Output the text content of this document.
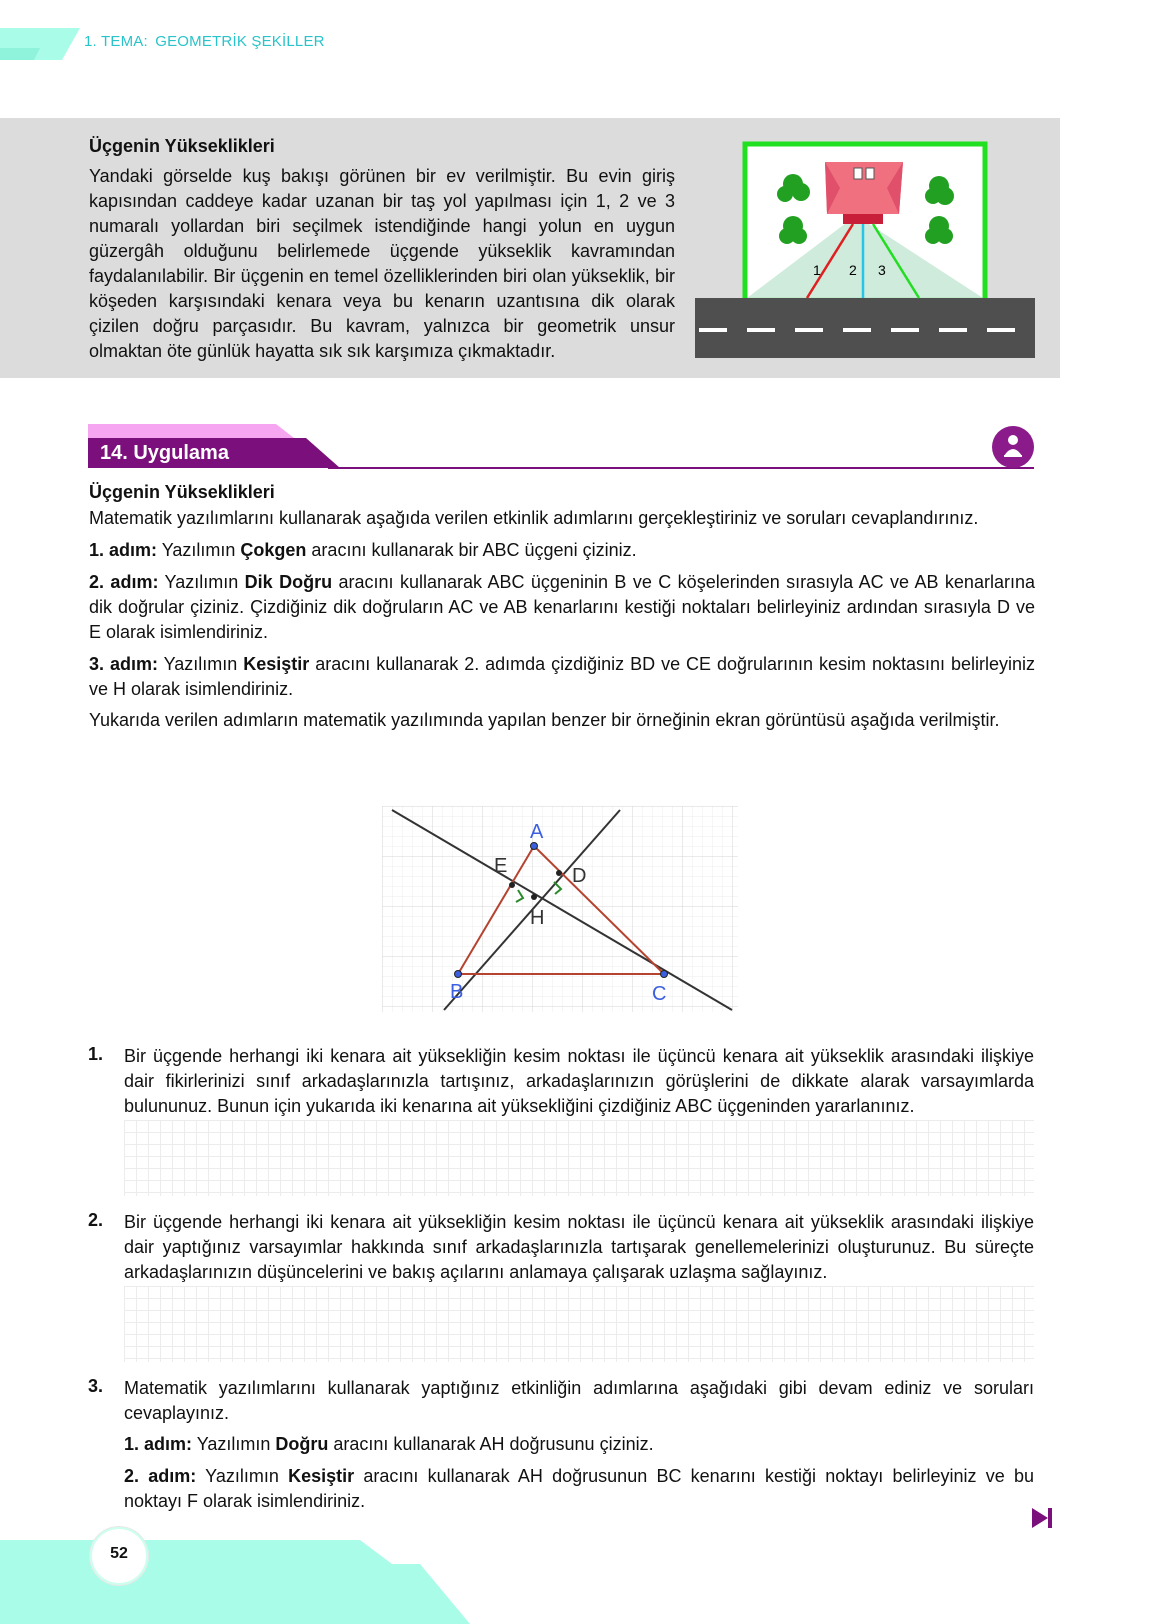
1. TEMA: GEOMETRİK ŞEKİLLER
Üçgenin Yükseklikleri
Yandaki görselde kuş bakışı görünen bir ev verilmiştir. Bu evin giriş kapısından caddeye kadar uzanan bir taş yol yapılması için 1, 2 ve 3 numaralı yollardan biri seçilmek istendiğinde hangi yolun en uygun güzergâh olduğunu belirlemede üçgende yükseklik kavramından faydalanılabilir. Bir üçgenin en temel özelliklerinden biri olan yükseklik, bir köşeden karşısındaki kenara veya bu kenarın uzantısına dik olarak çizilen doğru parçasıdır. Bu kavram, yalnızca bir geometrik unsur olmaktan öte günlük hayatta sık sık karşımıza çıkmaktadır.
1 2 3
14. Uygulama
Üçgenin Yükseklikleri
Matematik yazılımlarını kullanarak aşağıda verilen etkinlik adımlarını gerçekleştiriniz ve soruları cevaplandırınız.
1. adım: Yazılımın Çokgen aracını kullanarak bir ABC üçgeni çiziniz.
2. adım: Yazılımın Dik Doğru aracını kullanarak ABC üçgeninin B ve C köşelerinden sırasıyla AC ve AB kenarlarına dik doğrular çiziniz. Çizdiğiniz dik doğruların AC ve AB kenarlarını kestiği noktaları belirleyiniz ardından sırasıyla D ve E olarak isimlendiriniz.
3. adım: Yazılımın Kesiştir aracını kullanarak 2. adımda çizdiğiniz BD ve CE doğrularının kesim noktasını belirleyiniz ve H olarak isimlendiriniz.
Yukarıda verilen adımların matematik yazılımında yapılan benzer bir örneğinin ekran görüntüsü aşağıda verilmiştir.
A
B	C
D
E
H
1. Bir üçgende herhangi iki kenara ait yüksekliğin kesim noktası ile üçüncü kenara ait yükseklik arasındaki ilişkiye dair fikirlerinizi sınıf arkadaşlarınızla tartışınız, arkadaşlarınızın görüşlerini de dikkate alarak varsayımlarda bulununuz. Bunun için yukarıda iki kenarına ait yüksekliğini çizdiğiniz ABC üçgeninden yararlanınız.
2. Bir üçgende herhangi iki kenara ait yüksekliğin kesim noktası ile üçüncü kenara ait yükseklik arasındaki ilişkiye dair yaptığınız varsayımlar hakkında sınıf arkadaşlarınızla tartışarak genellemelerinizi oluşturunuz. Bu süreçte arkadaşlarınızın düşüncelerini ve bakış açılarını anlamaya çalışarak uzlaşma sağlayınız.
3. Matematik yazılımlarını kullanarak yaptığınız etkinliğin adımlarına aşağıdaki gibi devam ediniz ve soruları cevaplayınız.
1. adım: Yazılımın Doğru aracını kullanarak AH doğrusunu çiziniz.
2. adım: Yazılımın Kesiştir aracını kullanarak AH doğrusunun BC kenarını kestiği noktayı belirleyiniz ve bu noktayı F olarak isimlendiriniz.
52
